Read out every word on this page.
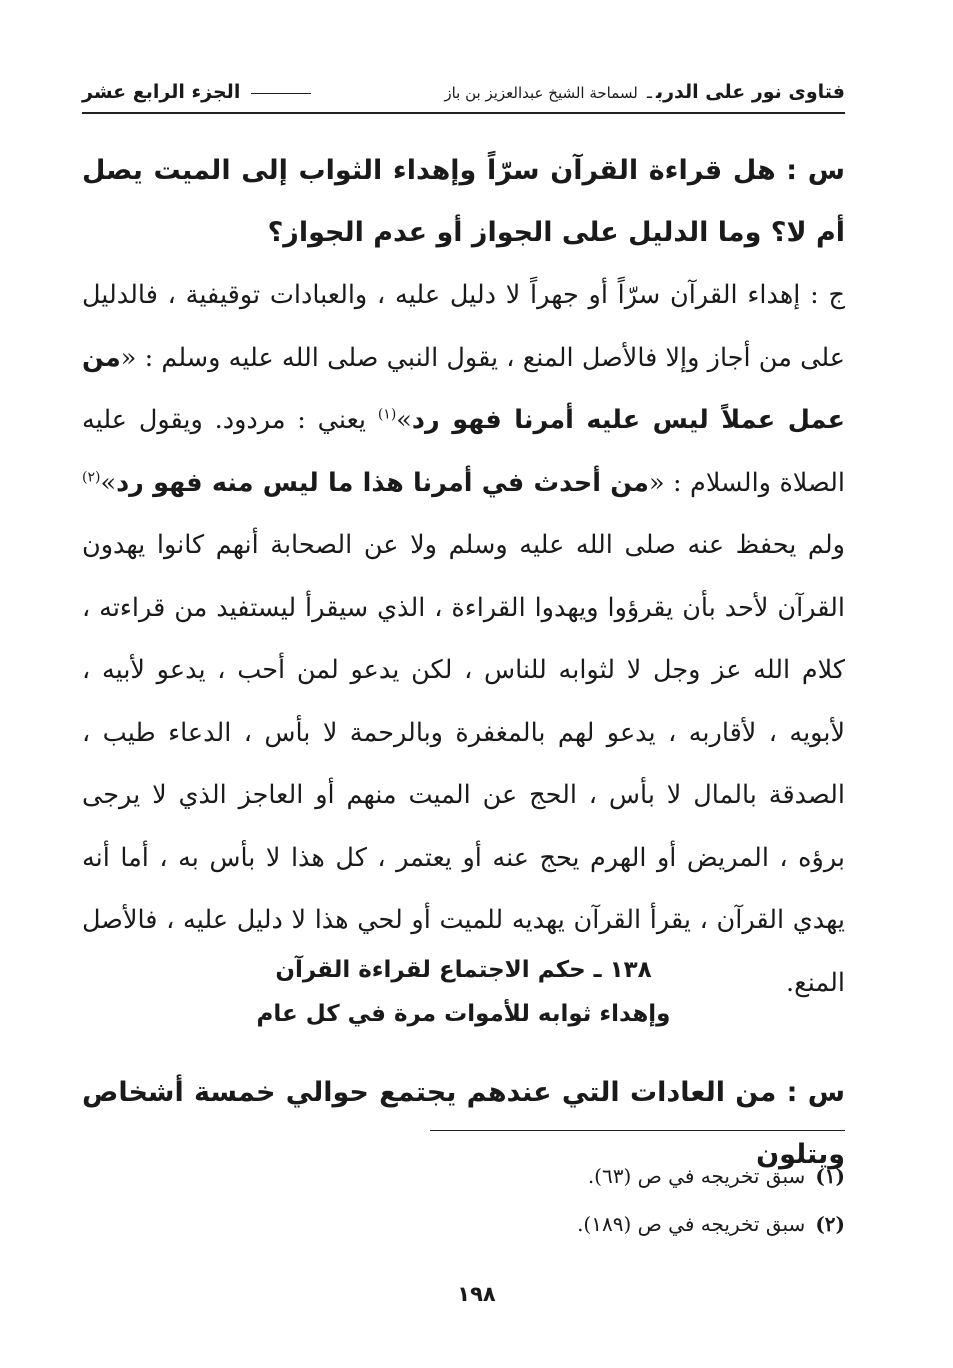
فتاوى نور على الدربـ لسماحة الشيخ عبدالعزيز بن باز
الجزء الرابع عشر
س : هل قراءة القرآن سرّاً وإهداء الثواب إلى الميت يصل أم لا؟ وما الدليل على الجواز أو عدم الجواز؟
ج : إهداء القرآن سرّاً أو جهراً لا دليل عليه ، والعبادات توقيفية ، فالدليل على من أجاز وإلا فالأصل المنع ، يقول النبي صلى الله عليه وسلم : «من عمل عملاً ليس عليه أمرنا فهو رد»$^{(١)}$ يعني : مردود. ويقول عليه الصلاة والسلام : «من أحدث في أمرنا هذا ما ليس منه فهو رد»$^{(٢)}$ ولم يحفظ عنه صلى الله عليه وسلم ولا عن الصحابة أنهم كانوا يهدون القرآن لأحد بأن يقرؤوا ويهدوا القراءة ، الذي سيقرأ ليستفيد من قراءته ، كلام الله عز وجل لا لثوابه للناس ، لكن يدعو لمن أحب ، يدعو لأبيه ، لأبويه ، لأقاربه ، يدعو لهم بالمغفرة وبالرحمة لا بأس ، الدعاء طيب ، الصدقة بالمال لا بأس ، الحج عن الميت منهم أو العاجز الذي لا يرجى برؤه ، المريض أو الهرم يحج عنه أو يعتمر ، كل هذا لا بأس به ، أما أنه يهدي القرآن ، يقرأ القرآن يهديه للميت أو لحي هذا لا دليل عليه ، فالأصل المنع.
١٣٨ ـ حكم الاجتماع لقراءة القرآن
وإهداء ثوابه للأموات مرة في كل عام
س : من العادات التي عندهم يجتمع حوالي خمسة أشخاص ويتلون
(١)سبق تخريجه في ص (٦٣).
(٢)سبق تخريجه في ص (١٨٩).
١٩٨
